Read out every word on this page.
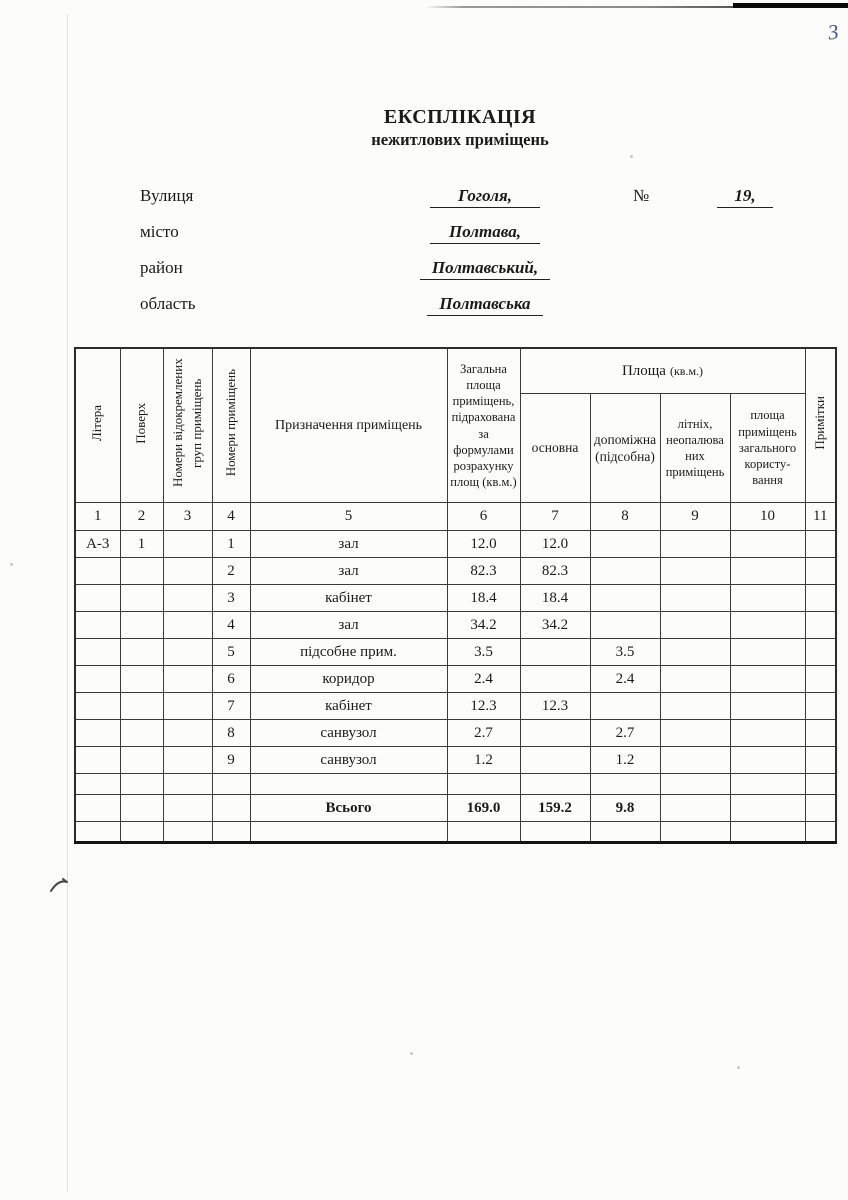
3
ЕКСПЛІКАЦІЯ
нежитлових приміщень
Вулиця	Гоголя,	№	19,
місто	Полтава,
район	Полтавський,
область	Полтавська
Літера	Поверх	Номери відокремлених груп приміщень	Номери приміщень	Призначення приміщень	Загальна площа приміщень, підрахована за формулами розрахунку площ (кв.м.)	Площа (кв.м.)				Примітки
						основна	допоміжна (підсобна)	літніх, неопалюва них приміщень	площа приміщень загального користу- вання	
1	2	3	4	5	6	7	8	9	10	11
А-3	1		1	зал	12.0	12.0				
			2	зал	82.3	82.3				
			3	кабінет	18.4	18.4				
			4	зал	34.2	34.2				
			5	підсобне прим.	3.5		3.5			
			6	коридор	2.4		2.4			
			7	кабінет	12.3	12.3				
			8	санвузол	2.7		2.7			
			9	санвузол	1.2		1.2			

				Всього	169.0	159.2	9.8			
